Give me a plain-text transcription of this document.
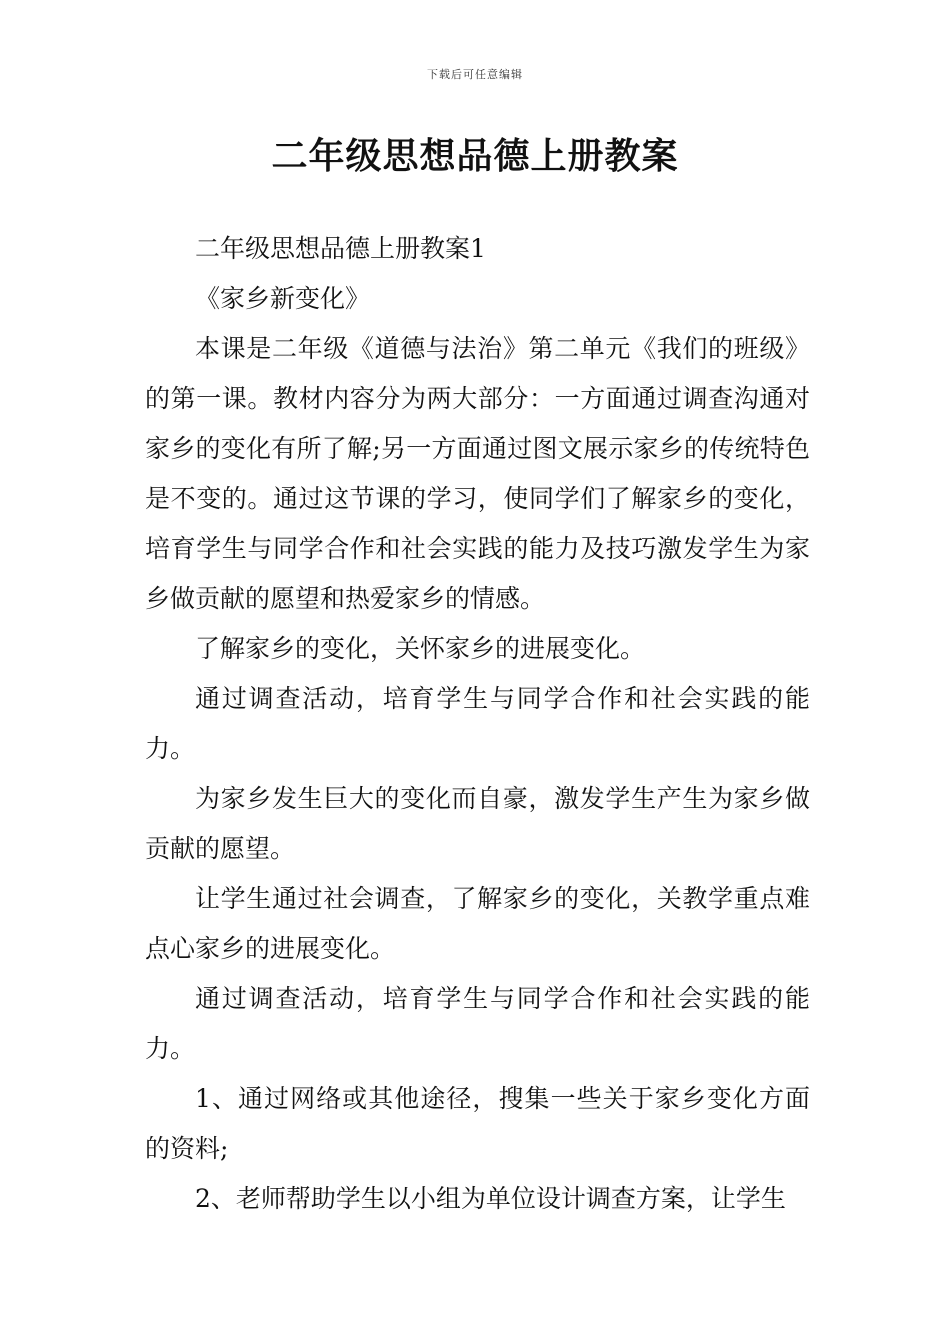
下载后可任意编辑
二年级思想品德上册教案

二年级思想品德上册教案1

《家乡新变化》

本课是二年级《道德与法治》第二单元《我们的班级》的第一课。教材内容分为两大部分：一方面通过调查沟通对家乡的变化有所了解;另一方面通过图文展示家乡的传统特色是不变的。通过这节课的学习，使同学们了解家乡的变化，培育学生与同学合作和社会实践的能力及技巧激发学生为家乡做贡献的愿望和热爱家乡的情感。

了解家乡的变化，关怀家乡的进展变化。

通过调查活动，培育学生与同学合作和社会实践的能力。

为家乡发生巨大的变化而自豪，激发学生产生为家乡做贡献的愿望。

让学生通过社会调查，了解家乡的变化，关教学重点难点心家乡的进展变化。

通过调查活动，培育学生与同学合作和社会实践的能力。

1、通过网络或其他途径，搜集一些关于家乡变化方面的资料;

2、老师帮助学生以小组为单位设计调查方案，让学生
